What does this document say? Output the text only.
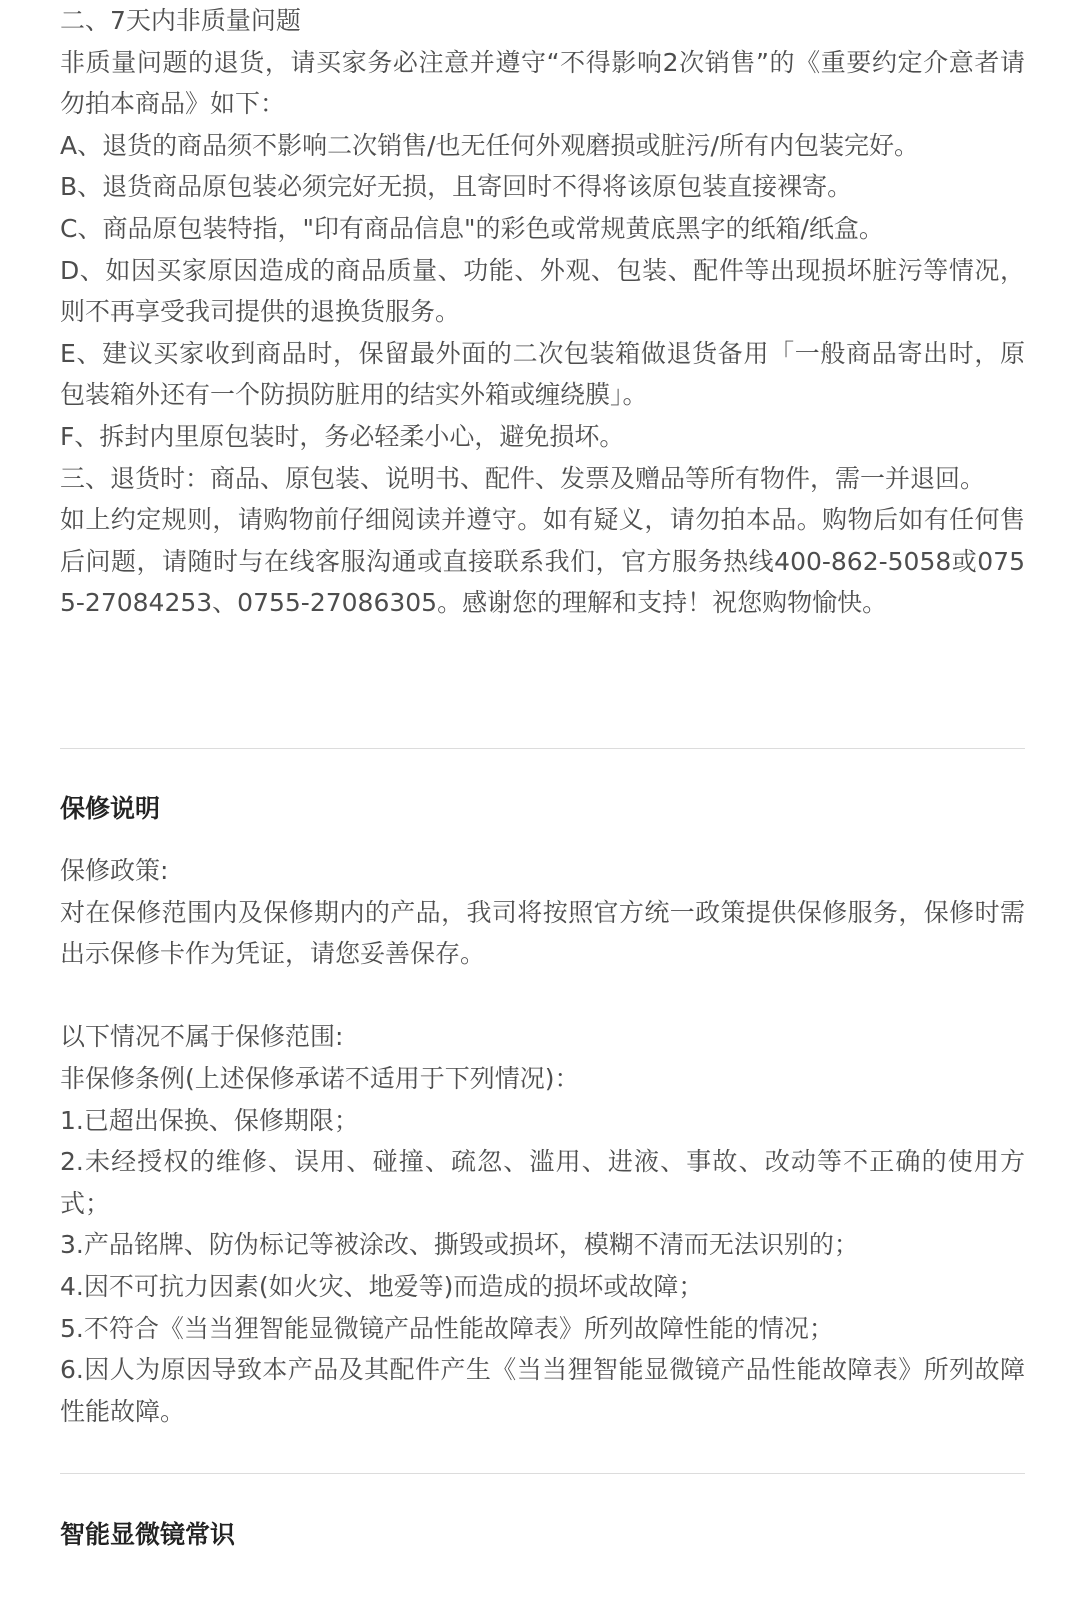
二、7天内非质量问题

非质量问题的退货，请买家务必注意并遵守“不得影响2次销售”的《重要约定介意者请勿拍本商品》如下：

A、退货的商品须不影响二次销售/也无任何外观磨损或脏污/所有内包装完好。

B、退货商品原包装必须完好无损，且寄回时不得将该原包装直接裸寄。

C、商品原包装特指，"印有商品信息"的彩色或常规黄底黑字的纸箱/纸盒。

D、如因买家原因造成的商品质量、功能、外观、包装、配件等出现损坏脏污等情况，则不再享受我司提供的退换货服务。

E、建议买家收到商品时，保留最外面的二次包装箱做退货备用「一般商品寄出时，原包装箱外还有一个防损防脏用的结实外箱或缠绕膜」。

F、拆封内里原包装时，务必轻柔小心，避免损坏。

三、退货时：商品、原包装、说明书、配件、发票及赠品等所有物件，需一并退回。

如上约定规则，请购物前仔细阅读并遵守。如有疑义，请勿拍本品。购物后如有任何售后问题，请随时与在线客服沟通或直接联系我们，官方服务热线400-862-5058或0755-27084253、0755-27086305。感谢您的理解和支持！祝您购物愉快。

保修说明

保修政策:

对在保修范围内及保修期内的产品，我司将按照官方统一政策提供保修服务，保修时需出示保修卡作为凭证，请您妥善保存。

以下情况不属于保修范围:

非保修条例(上述保修承诺不适用于下列情况)：

1.已超出保换、保修期限；

2.未经授权的维修、误用、碰撞、疏忽、滥用、进液、事故、改动等不正确的使用方式；

3.产品铭牌、防伪标记等被涂改、撕毁或损坏，模糊不清而无法识别的；

4.因不可抗力因素(如火灾、地爱等)而造成的损坏或故障；

5.不符合《当当狸智能显微镜产品性能故障表》所列故障性能的情况；

6.因人为原因导致本产品及其配件产生《当当狸智能显微镜产品性能故障表》所列故障性能故障。

智能显微镜常识
